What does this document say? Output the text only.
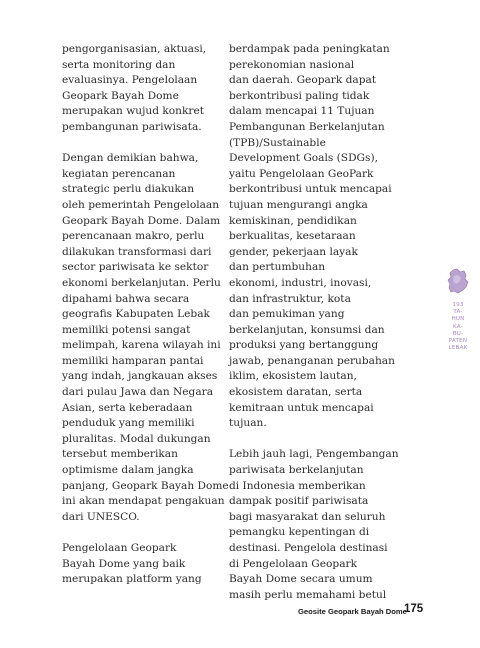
pengorganisasian, aktuasi,
serta monitoring dan
evaluasinya. Pengelolaan
Geopark Bayah Dome
merupakan wujud konkret
pembangunan pariwisata.

Dengan demikian bahwa,
kegiatan perencanan
strategic perlu diakukan
oleh pemerintah Pengelolaan
Geopark Bayah Dome. Dalam
perencanaan makro, perlu
dilakukan transformasi dari
sector pariwisata ke sektor
ekonomi berkelanjutan. Perlu
dipahami bahwa secara
geografis Kabupaten Lebak
memiliki potensi sangat
melimpah, karena wilayah ini
memiliki hamparan pantai
yang indah, jangkauan akses
dari pulau Jawa dan Negara
Asian, serta keberadaan
penduduk yang memiliki
pluralitas. Modal dukungan
tersebut memberikan
optimisme dalam jangka
panjang, Geopark Bayah Dome
ini akan mendapat pengakuan
dari UNESCO.

Pengelolaan Geopark
Bayah Dome yang baik
merupakan platform yang

berdampak pada peningkatan
perekonomian nasional
dan daerah. Geopark dapat
berkontribusi paling tidak
dalam mencapai 11 Tujuan
Pembangunan Berkelanjutan
(TPB)/Sustainable
Development Goals (SDGs),
yaitu Pengelolaan GeoPark
berkontribusi untuk mencapai
tujuan mengurangi angka
kemiskinan, pendidikan
berkualitas, kesetaraan
gender, pekerjaan layak
dan pertumbuhan
ekonomi, industri, inovasi,
dan infrastruktur, kota
dan pemukiman yang
berkelanjutan, konsumsi dan
produksi yang bertanggung
jawab, penanganan perubahan
iklim, ekosistem lautan,
ekosistem daratan, serta
kemitraan untuk mencapai
tujuan.

Lebih jauh lagi, Pengembangan
pariwisata berkelanjutan
di Indonesia memberikan
dampak positif pariwisata
bagi masyarakat dan seluruh
pemangku kepentingan di
destinasi. Pengelola destinasi
di Pengelolaan Geopark
Bayah Dome secara umum
masih perlu memahami betul

193
TA-
HUN
KA-
BU-
PATEN
LEBAK
Geosite Geopark Bayah Dome
175
